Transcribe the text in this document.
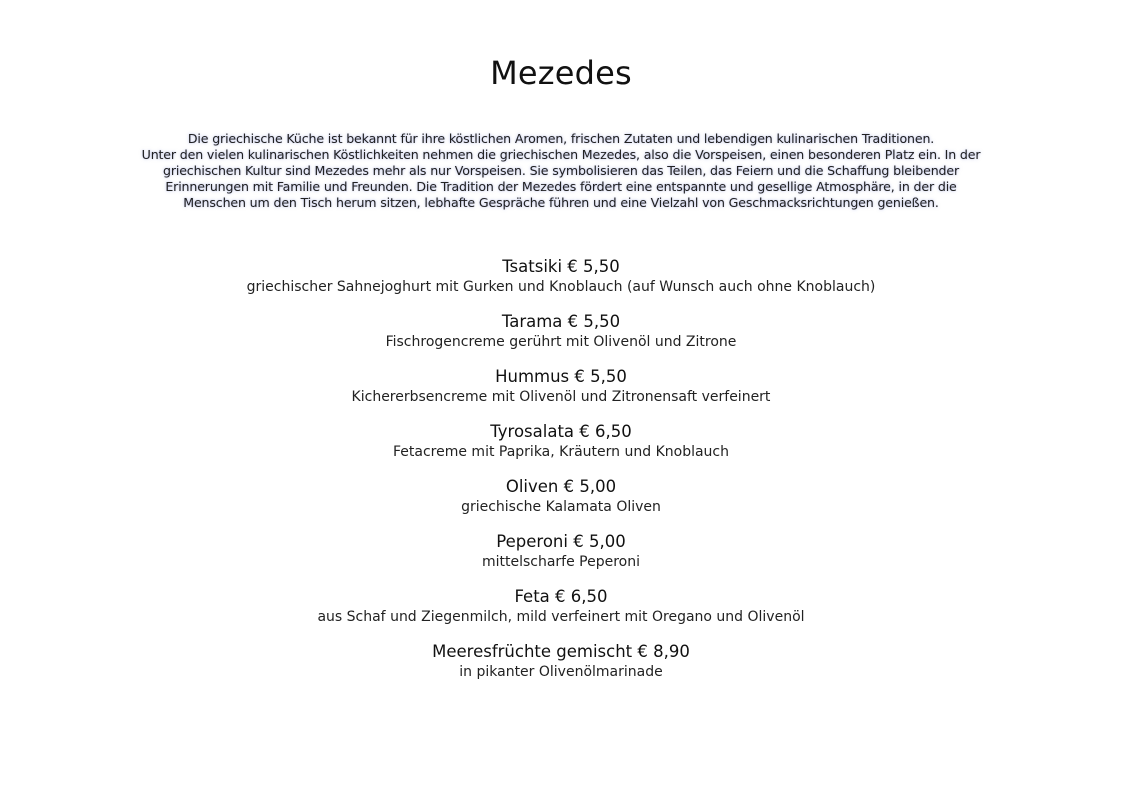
Mezedes
Die griechische Küche ist bekannt für ihre köstlichen Aromen, frischen Zutaten und lebendigen kulinarischen Traditionen.
Unter den vielen kulinarischen Köstlichkeiten nehmen die griechischen Mezedes, also die Vorspeisen, einen besonderen Platz ein. In der
griechischen Kultur sind Mezedes mehr als nur Vorspeisen. Sie symbolisieren das Teilen, das Feiern und die Schaffung bleibender
Erinnerungen mit Familie und Freunden. Die Tradition der Mezedes fördert eine entspannte und gesellige Atmosphäre, in der die
Menschen um den Tisch herum sitzen, lebhafte Gespräche führen und eine Vielzahl von Geschmacksrichtungen genießen.
Tsatsiki € 5,50
griechischer Sahnejoghurt mit Gurken und Knoblauch (auf Wunsch auch ohne Knoblauch)
Tarama € 5,50
Fischrogencreme gerührt mit Olivenöl und Zitrone
Hummus € 5,50
Kichererbsencreme mit Olivenöl und Zitronensaft verfeinert
Tyrosalata € 6,50
Fetacreme mit Paprika, Kräutern und Knoblauch
Oliven € 5,00
griechische Kalamata Oliven
Peperoni € 5,00
mittelscharfe Peperoni
Feta € 6,50
aus Schaf und Ziegenmilch, mild verfeinert mit Oregano und Olivenöl
Meeresfrüchte gemischt € 8,90
in pikanter Olivenölmarinade
